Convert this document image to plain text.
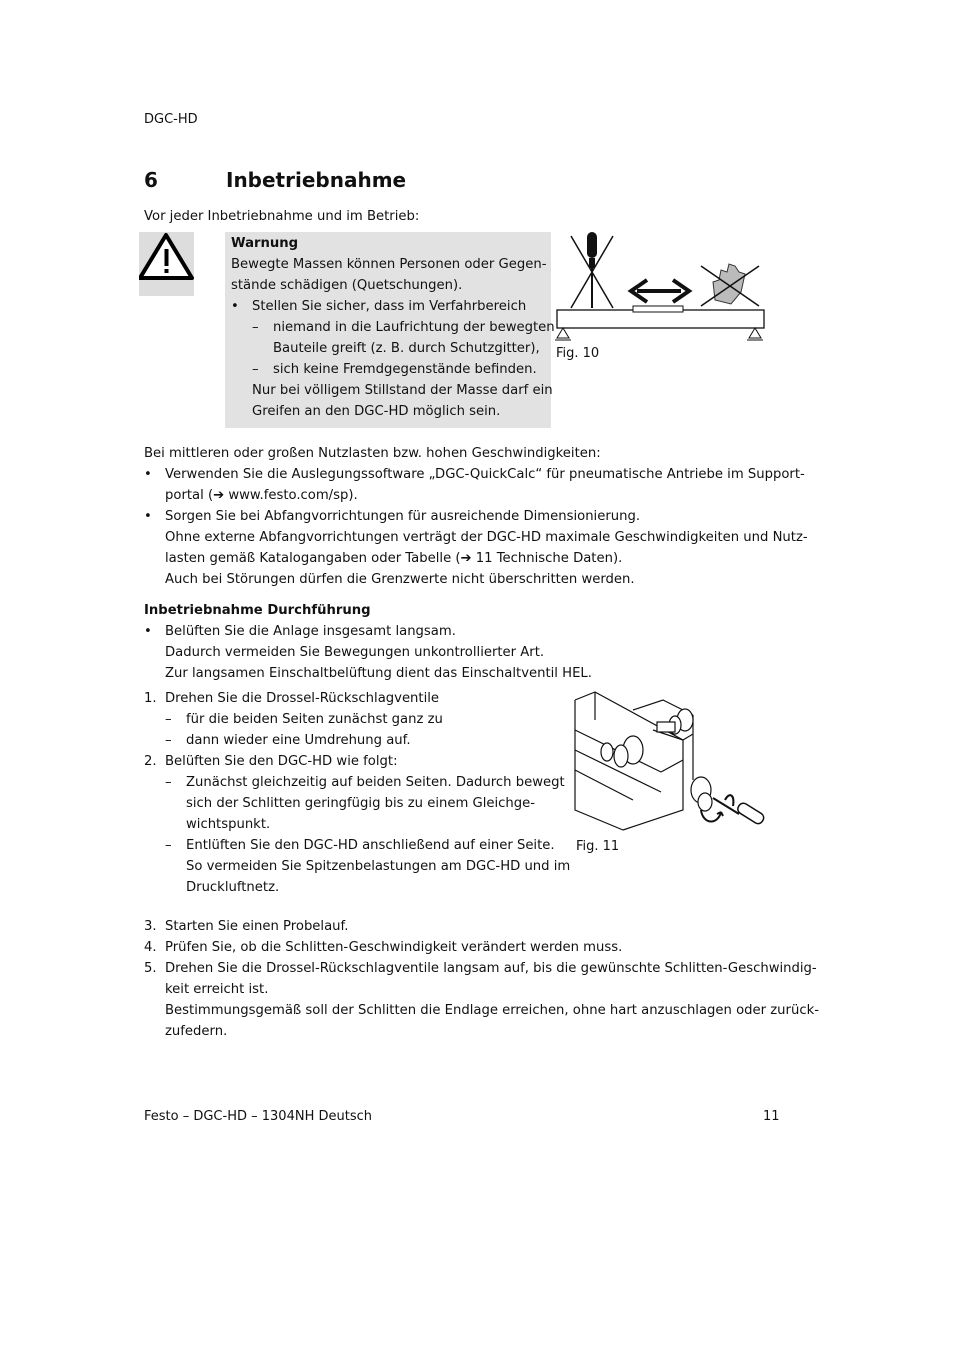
DGC-HD
6	Inbetriebnahme
Vor jeder Inbetriebnahme und im Betrieb:
Warnung
Bewegte Massen können Personen oder Gegen-
stände schädigen (Quetschungen).
• Stellen Sie sicher, dass im Verfahrbereich
– niemand in die Laufrichtung der bewegten
Bauteile greift (z. B. durch Schutzgitter),
– sich keine Fremdgegenstände befinden.
Nur bei völligem Stillstand der Masse darf ein
Greifen an den DGC-HD möglich sein.
Fig. 10
Bei mittleren oder großen Nutzlasten bzw. hohen Geschwindigkeiten:
• Verwenden Sie die Auslegungssoftware „DGC-QuickCalc“ für pneumatische Antriebe im Support-
portal (➔ www.festo.com/sp).
• Sorgen Sie bei Abfangvorrichtungen für ausreichende Dimensionierung.
Ohne externe Abfangvorrichtungen verträgt der DGC-HD maximale Geschwindigkeiten und Nutz-
lasten gemäß Katalogangaben oder Tabelle (➔ 11 Technische Daten).
Auch bei Störungen dürfen die Grenzwerte nicht überschritten werden.
Inbetriebnahme Durchführung
• Belüften Sie die Anlage insgesamt langsam.
Dadurch vermeiden Sie Bewegungen unkontrollierter Art.
Zur langsamen Einschaltbelüftung dient das Einschaltventil HEL.
1. Drehen Sie die Drossel-Rückschlagventile
– für die beiden Seiten zunächst ganz zu
– dann wieder eine Umdrehung auf.
2. Belüften Sie den DGC-HD wie folgt:
– Zunächst gleichzeitig auf beiden Seiten. Dadurch bewegt
sich der Schlitten geringfügig bis zu einem Gleichge-
wichtspunkt.
– Entlüften Sie den DGC-HD anschließend auf einer Seite.
So vermeiden Sie Spitzenbelastungen am DGC-HD und im
Druckluftnetz.
Fig. 11
3. Starten Sie einen Probelauf.
4. Prüfen Sie, ob die Schlitten-Geschwindigkeit verändert werden muss.
5. Drehen Sie die Drossel-Rückschlagventile langsam auf, bis die gewünschte Schlitten-Geschwindig-
keit erreicht ist.
Bestimmungsgemäß soll der Schlitten die Endlage erreichen, ohne hart anzuschlagen oder zurück-
zufedern.
Festo – DGC-HD – 1304NH Deutsch	11
